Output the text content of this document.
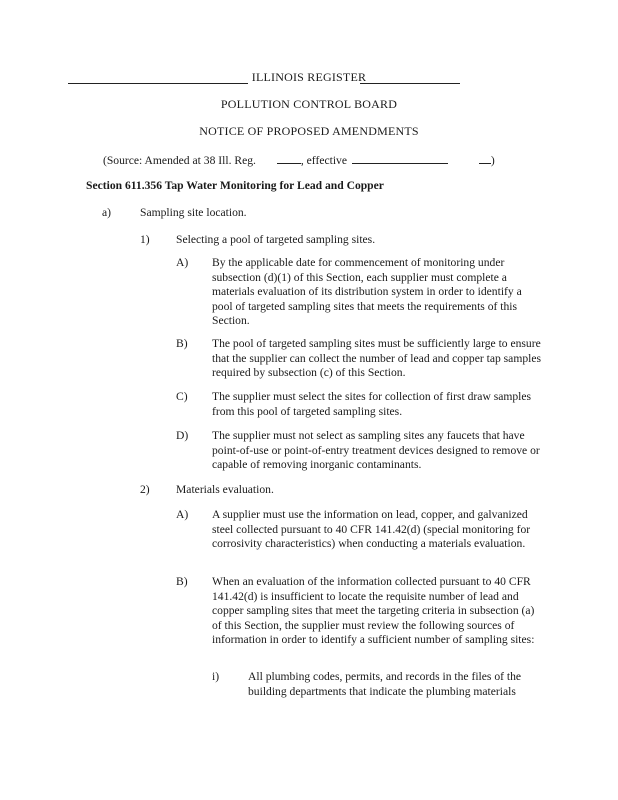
ILLINOIS REGISTER
POLLUTION CONTROL BOARD
NOTICE OF PROPOSED AMENDMENTS
(Source: Amended at 38 Ill. Reg.	, effective	)
Section 611.356 Tap Water Monitoring for Lead and Copper
a) Sampling site location.
1) Selecting a pool of targeted sampling sites.
A) By the applicable date for commencement of monitoring under subsection (d)(1) of this Section, each supplier must complete a materials evaluation of its distribution system in order to identify a pool of targeted sampling sites that meets the requirements of this Section.
B) The pool of targeted sampling sites must be sufficiently large to ensure that the supplier can collect the number of lead and copper tap samples required by subsection (c) of this Section.
C) The supplier must select the sites for collection of first draw samples from this pool of targeted sampling sites.
D) The supplier must not select as sampling sites any faucets that have point-of-use or point-of-entry treatment devices designed to remove or capable of removing inorganic contaminants.
2) Materials evaluation.
A) A supplier must use the information on lead, copper, and galvanized steel collected pursuant to 40 CFR 141.42(d) (special monitoring for corrosivity characteristics) when conducting a materials evaluation.
B) When an evaluation of the information collected pursuant to 40 CFR 141.42(d) is insufficient to locate the requisite number of lead and copper sampling sites that meet the targeting criteria in subsection (a) of this Section, the supplier must review the following sources of information in order to identify a sufficient number of sampling sites:
i) All plumbing codes, permits, and records in the files of the building departments that indicate the plumbing materials
